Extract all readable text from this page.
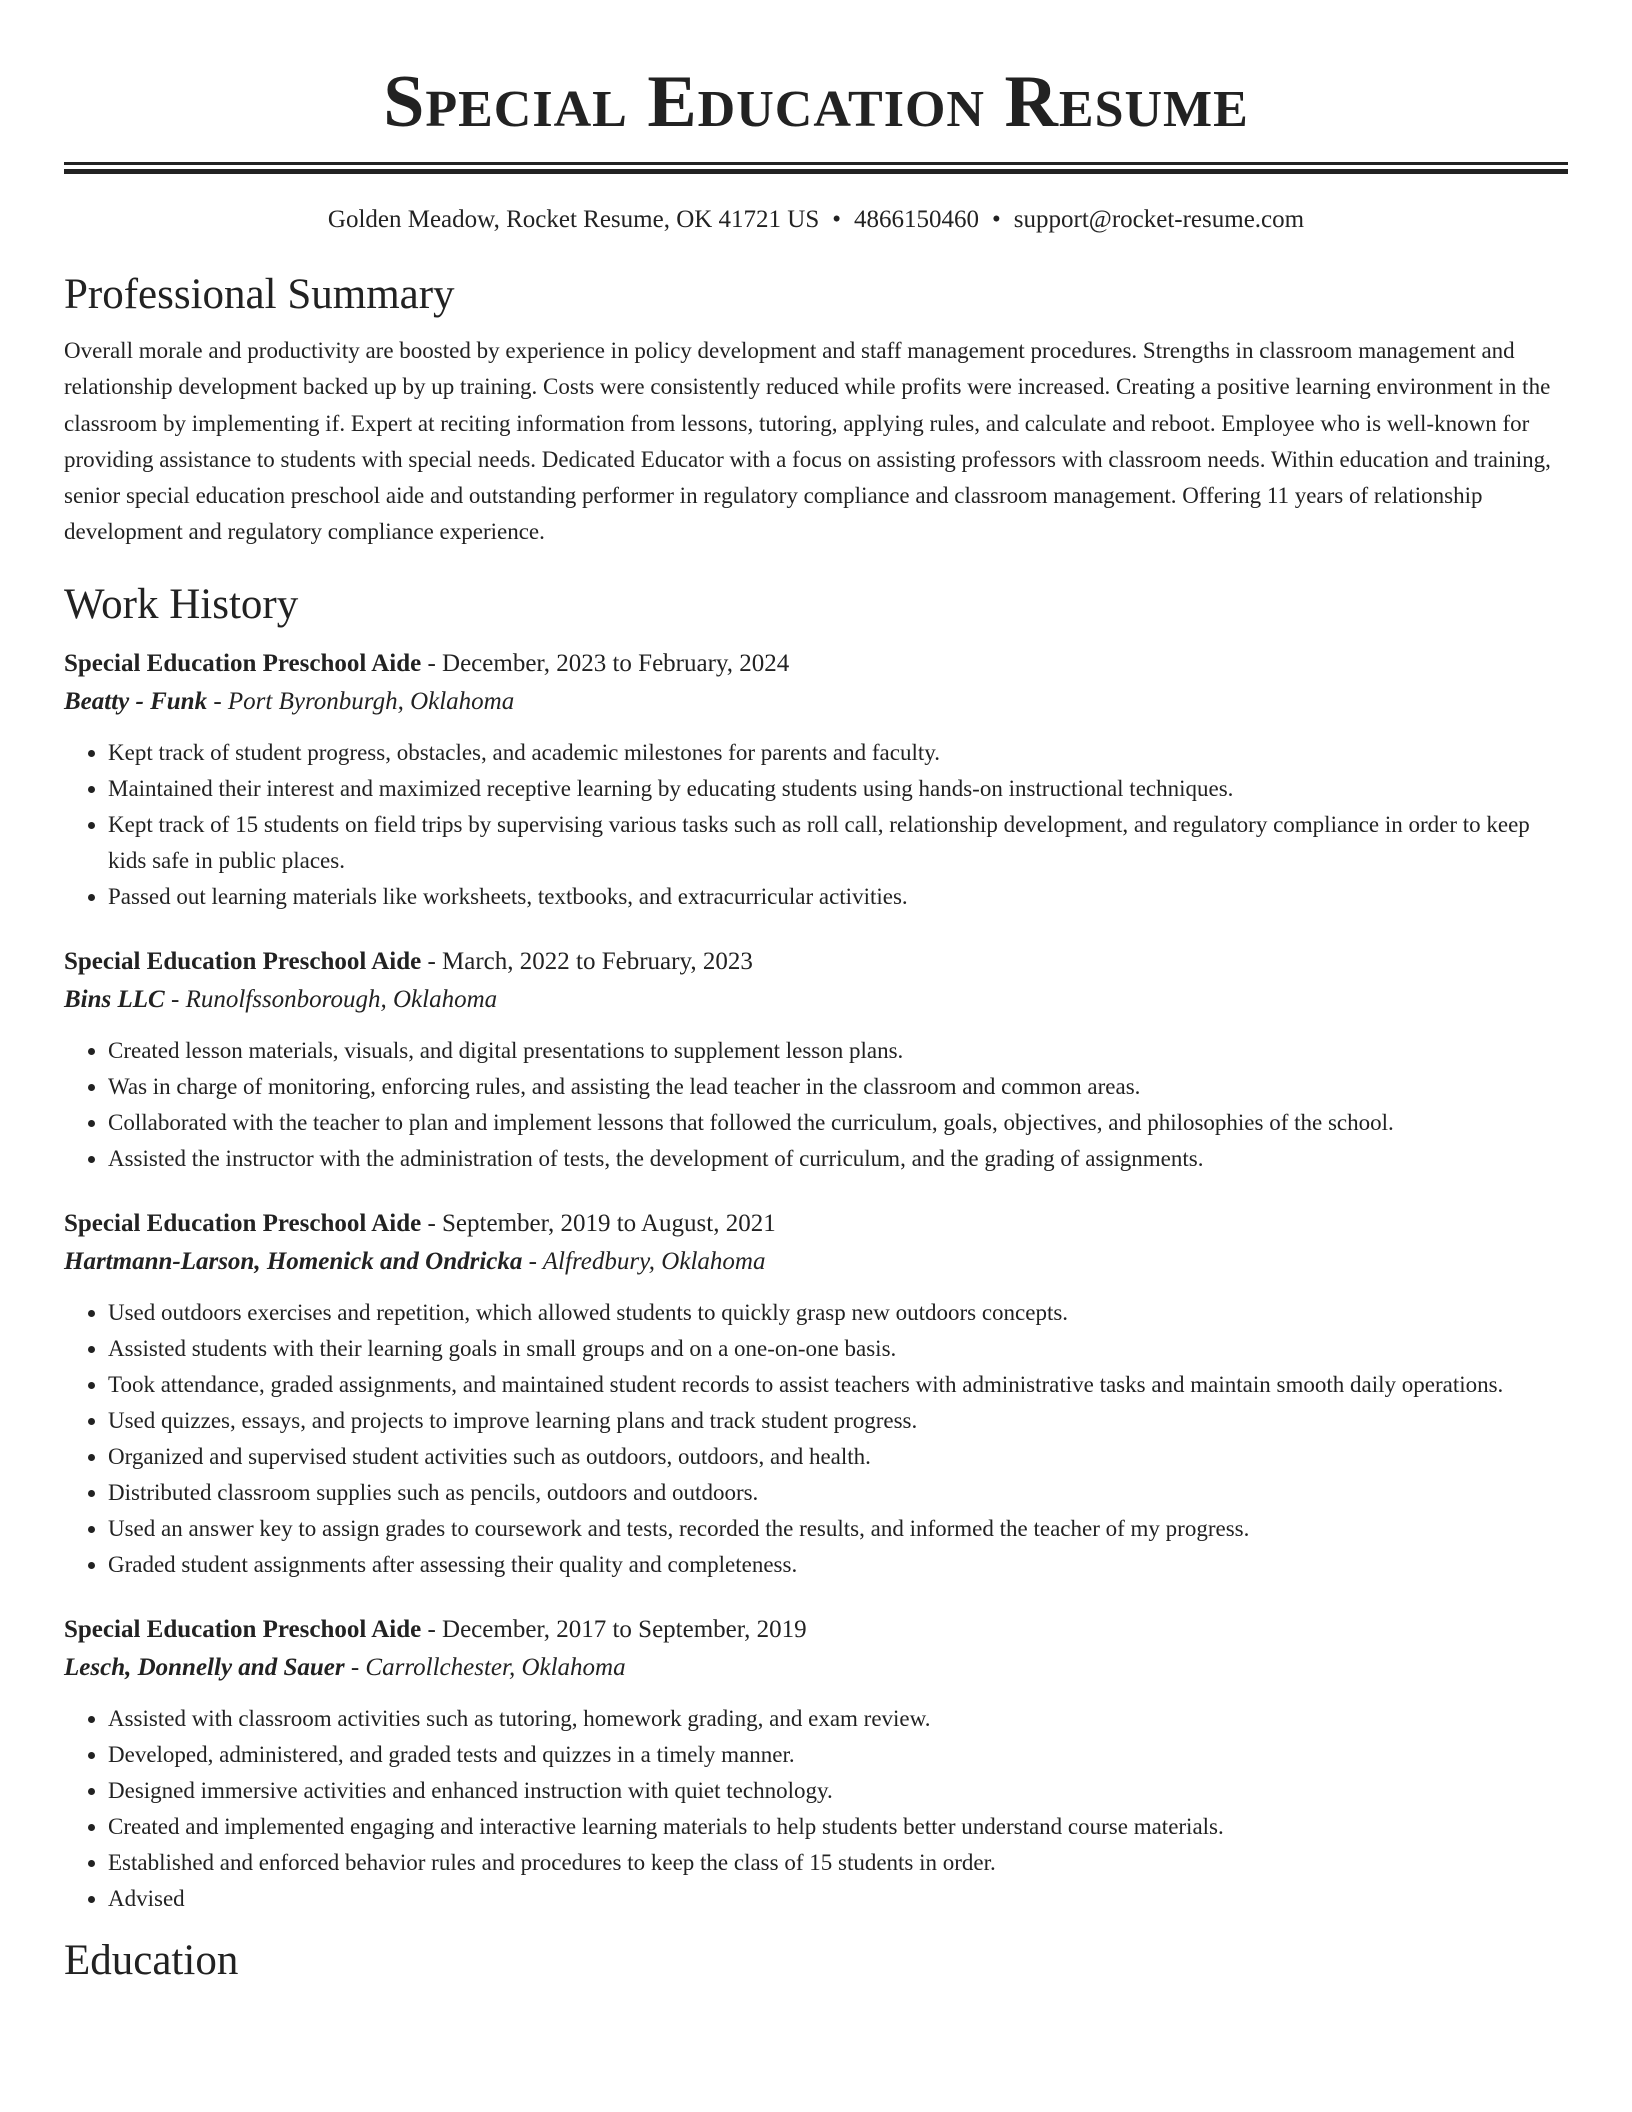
Special Education Resume
Golden Meadow, Rocket Resume, OK 41721 US • 4866150460 • support@rocket-resume.com
Professional Summary

Overall morale and productivity are boosted by experience in policy development and staff management procedures. Strengths in classroom management and relationship development backed up by up training. Costs were consistently reduced while profits were increased. Creating a positive learning environment in the classroom by implementing if. Expert at reciting information from lessons, tutoring, applying rules, and calculate and reboot. Employee who is well-known for providing assistance to students with special needs. Dedicated Educator with a focus on assisting professors with classroom needs. Within education and training, senior special education preschool aide and outstanding performer in regulatory compliance and classroom management. Offering 11 years of relationship development and regulatory compliance experience.

Work History
Special Education Preschool Aide - December, 2023 to February, 2024
Beatty - Funk - Port Byronburgh, Oklahoma
• Kept track of student progress, obstacles, and academic milestones for parents and faculty.
• Maintained their interest and maximized receptive learning by educating students using hands-on instructional techniques.
• Kept track of 15 students on field trips by supervising various tasks such as roll call, relationship development, and regulatory compliance in order to keep kids safe in public places.
• Passed out learning materials like worksheets, textbooks, and extracurricular activities.
Special Education Preschool Aide - March, 2022 to February, 2023
Bins LLC - Runolfssonborough, Oklahoma
• Created lesson materials, visuals, and digital presentations to supplement lesson plans.
• Was in charge of monitoring, enforcing rules, and assisting the lead teacher in the classroom and common areas.
• Collaborated with the teacher to plan and implement lessons that followed the curriculum, goals, objectives, and philosophies of the school.
• Assisted the instructor with the administration of tests, the development of curriculum, and the grading of assignments.
Special Education Preschool Aide - September, 2019 to August, 2021
Hartmann-Larson, Homenick and Ondricka - Alfredbury, Oklahoma
• Used outdoors exercises and repetition, which allowed students to quickly grasp new outdoors concepts.
• Assisted students with their learning goals in small groups and on a one-on-one basis.
• Took attendance, graded assignments, and maintained student records to assist teachers with administrative tasks and maintain smooth daily operations.
• Used quizzes, essays, and projects to improve learning plans and track student progress.
• Organized and supervised student activities such as outdoors, outdoors, and health.
• Distributed classroom supplies such as pencils, outdoors and outdoors.
• Used an answer key to assign grades to coursework and tests, recorded the results, and informed the teacher of my progress.
• Graded student assignments after assessing their quality and completeness.
Special Education Preschool Aide - December, 2017 to September, 2019
Lesch, Donnelly and Sauer - Carrollchester, Oklahoma
• Assisted with classroom activities such as tutoring, homework grading, and exam review.
• Developed, administered, and graded tests and quizzes in a timely manner.
• Designed immersive activities and enhanced instruction with quiet technology.
• Created and implemented engaging and interactive learning materials to help students better understand course materials.
• Established and enforced behavior rules and procedures to keep the class of 15 students in order.
• Advised
Education
